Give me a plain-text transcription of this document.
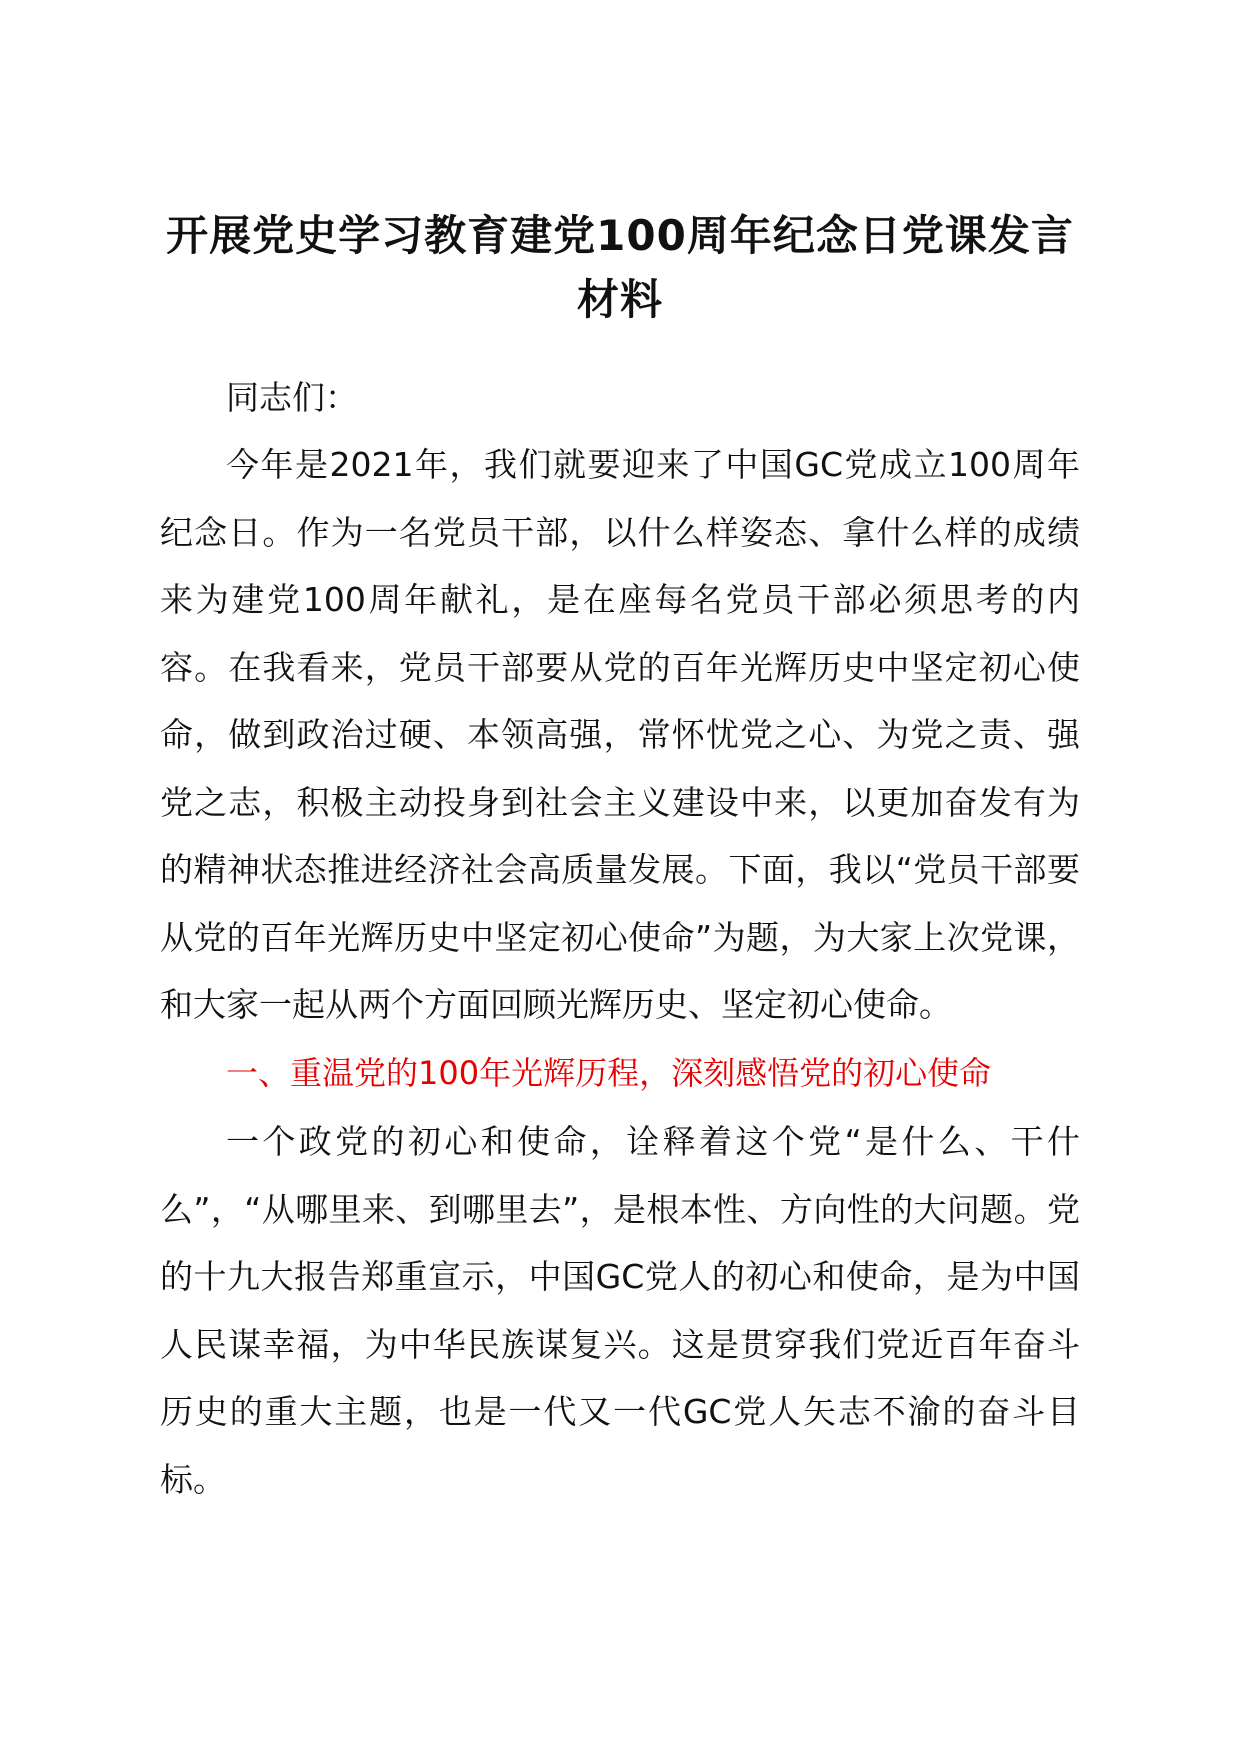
开展党史学习教育建党100周年纪念日党课发言材料

同志们：

今年是2021年，我们就要迎来了中国GC党成立100周年纪念日。作为一名党员干部，以什么样姿态、拿什么样的成绩来为建党100周年献礼，是在座每名党员干部必须思考的内容。在我看来，党员干部要从党的百年光辉历史中坚定初心使命，做到政治过硬、本领高强，常怀忧党之心、为党之责、强党之志，积极主动投身到社会主义建设中来，以更加奋发有为的精神状态推进经济社会高质量发展。下面，我以“党员干部要从党的百年光辉历史中坚定初心使命”为题，为大家上次党课，和大家一起从两个方面回顾光辉历史、坚定初心使命。

一、重温党的100年光辉历程，深刻感悟党的初心使命

一个政党的初心和使命，诠释着这个党“是什么、干什么”，“从哪里来、到哪里去”，是根本性、方向性的大问题。党的十九大报告郑重宣示，中国GC党人的初心和使命，是为中国人民谋幸福，为中华民族谋复兴。这是贯穿我们党近百年奋斗历史的重大主题，也是一代又一代GC党人矢志不渝的奋斗目标。
